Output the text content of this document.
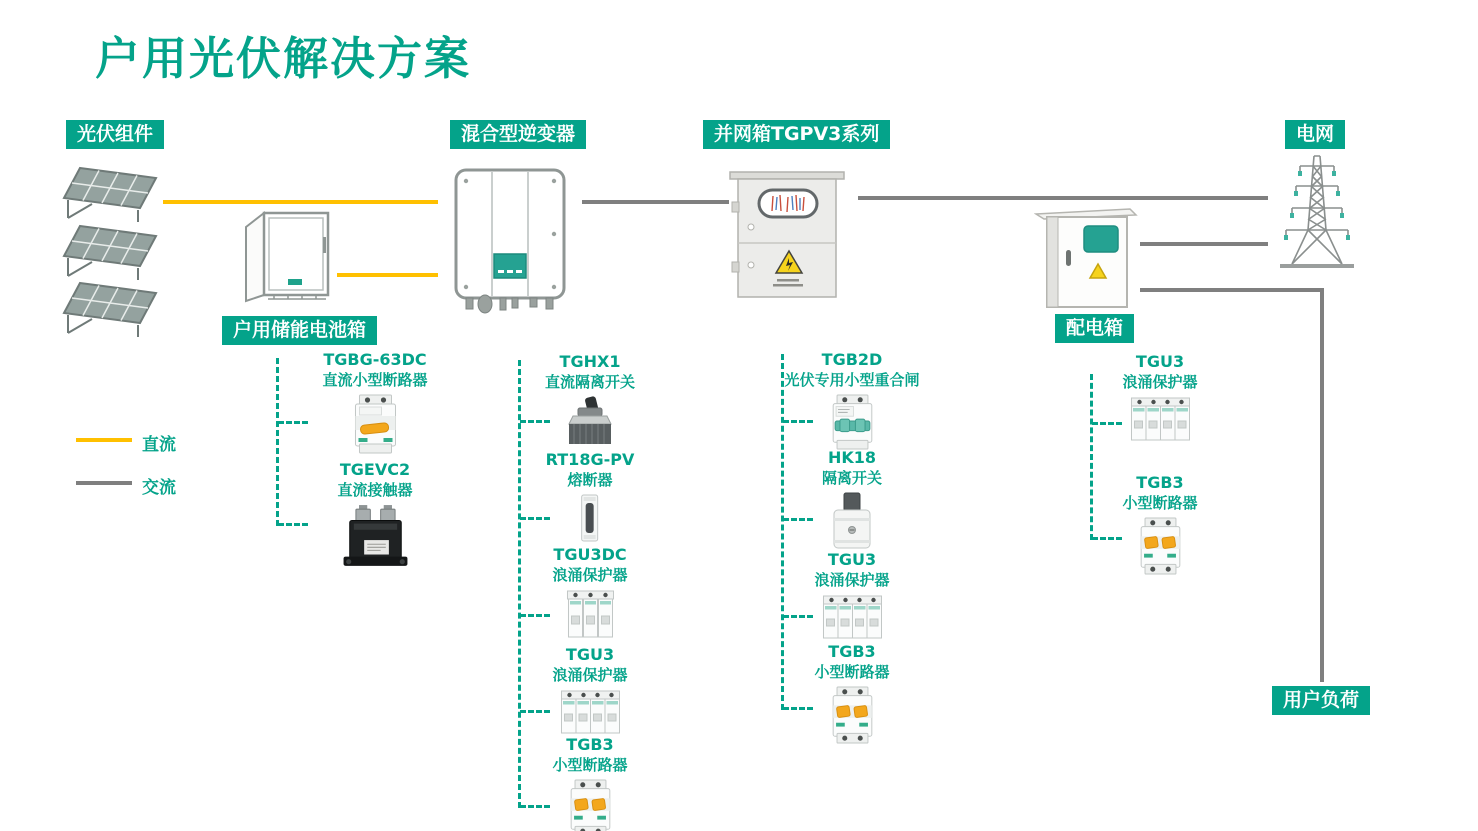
户用光伏解决方案
光伏组件	混合型逆变器	并网箱TGPV3系列	电网
户用储能电池箱	配电箱
用户负荷
直流
交流
TGBG-63DC
直流小型断路器
TGEVC2
直流接触器
TGHX1
直流隔离开关
RT18G-PV
熔断器
TGU3DC
浪涌保护器
TGU3
浪涌保护器
TGB3
小型断路器
TGB2D
光伏专用小型重合闸
HK18
隔离开关
TGU3
浪涌保护器
TGB3
小型断路器
TGU3
浪涌保护器
TGB3
小型断路器
